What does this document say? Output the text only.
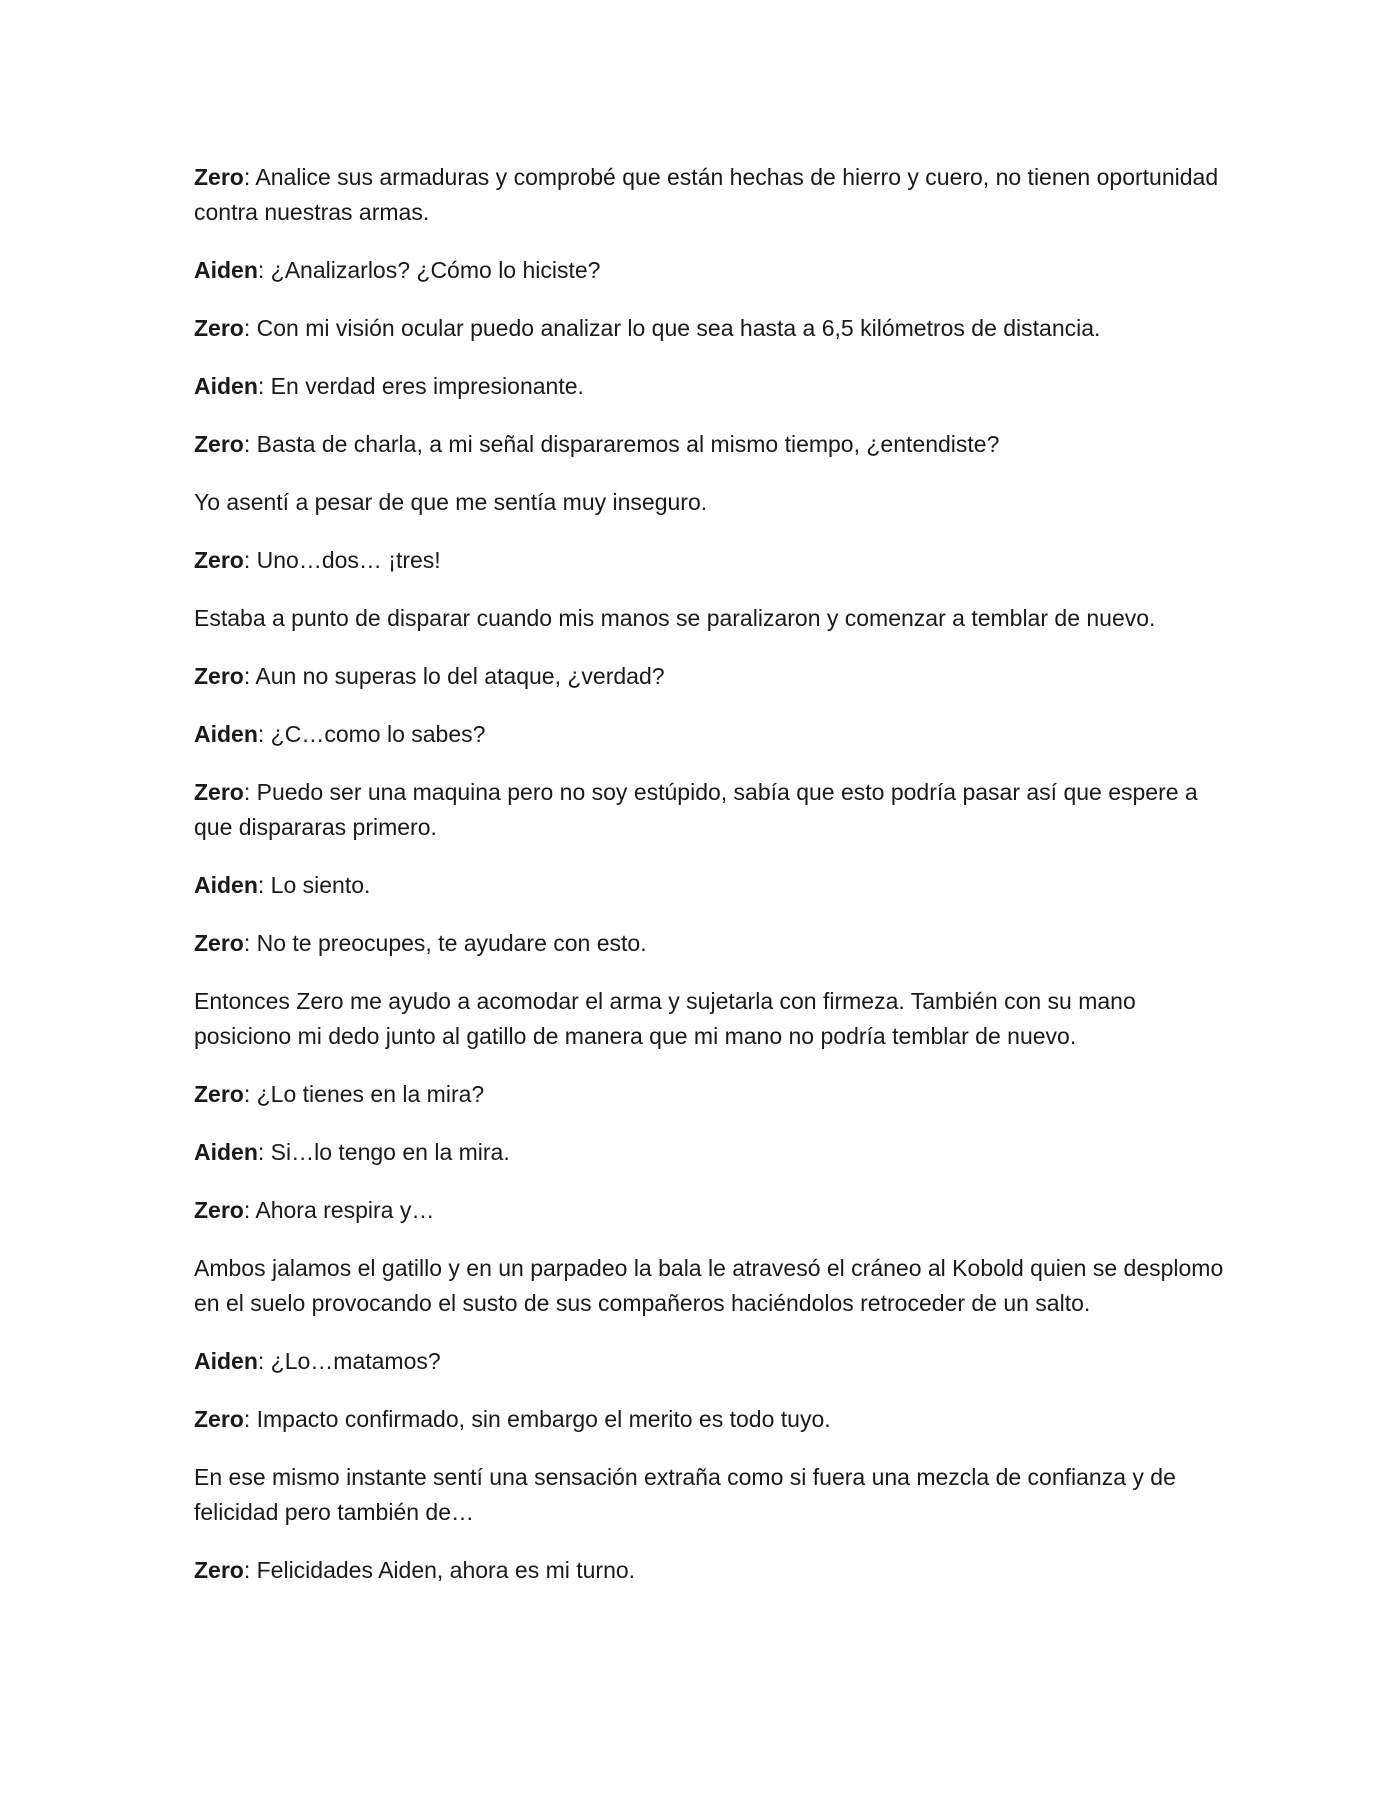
Zero: Analice sus armaduras y comprobé que están hechas de hierro y cuero, no tienen oportunidad contra nuestras armas.

Aiden: ¿Analizarlos? ¿Cómo lo hiciste?

Zero: Con mi visión ocular puedo analizar lo que sea hasta a 6,5 kilómetros de distancia.

Aiden: En verdad eres impresionante.

Zero: Basta de charla, a mi señal dispararemos al mismo tiempo, ¿entendiste?

Yo asentí a pesar de que me sentía muy inseguro.

Zero: Uno…dos… ¡tres!

Estaba a punto de disparar cuando mis manos se paralizaron y comenzar a temblar de nuevo.

Zero: Aun no superas lo del ataque, ¿verdad?

Aiden: ¿C…como lo sabes?

Zero: Puedo ser una maquina pero no soy estúpido, sabía que esto podría pasar así que espere a que dispararas primero.

Aiden: Lo siento.

Zero: No te preocupes, te ayudare con esto.

Entonces Zero me ayudo a acomodar el arma y sujetarla con firmeza. También con su mano posiciono mi dedo junto al gatillo de manera que mi mano no podría temblar de nuevo.

Zero: ¿Lo tienes en la mira?

Aiden: Si…lo tengo en la mira.

Zero: Ahora respira y…

Ambos jalamos el gatillo y en un parpadeo la bala le atravesó el cráneo al Kobold quien se desplomo en el suelo provocando el susto de sus compañeros haciéndolos retroceder de un salto.

Aiden: ¿Lo…matamos?

Zero: Impacto confirmado, sin embargo el merito es todo tuyo.

En ese mismo instante sentí una sensación extraña como si fuera una mezcla de confianza y de felicidad pero también de…

Zero: Felicidades Aiden, ahora es mi turno.
